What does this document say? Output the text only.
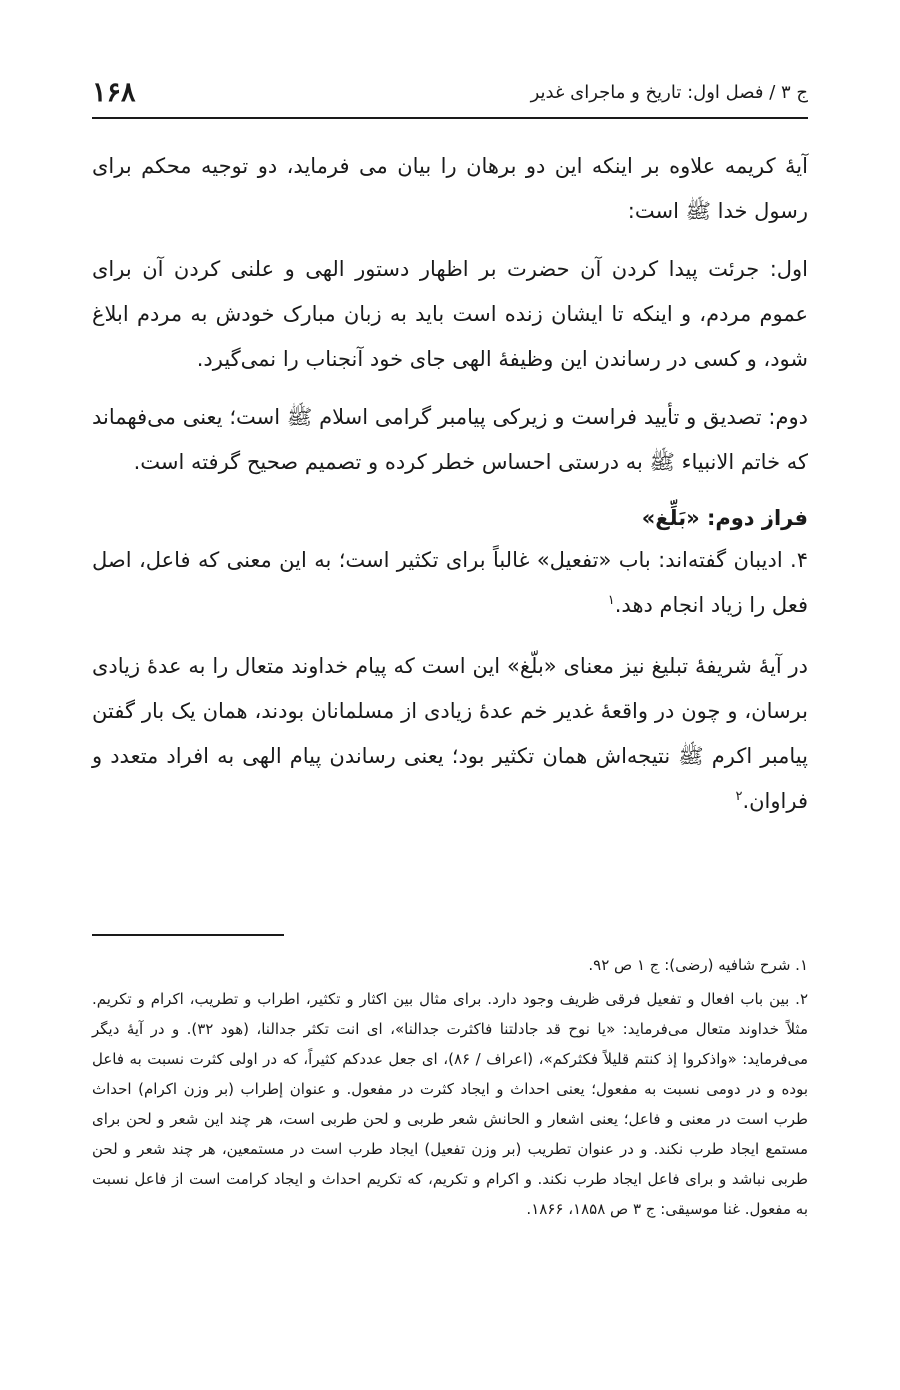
ج ۳ / فصل اول: تاریخ و ماجرای غدیر
۱۶۸

آیۀ کریمه علاوه بر اینکه این دو برهان را بیان می فرماید، دو توجیه محکم برای رسول خدا ﷺ است:

اول: جرئت پیدا کردن آن حضرت بر اظهار دستور الهی و علنی کردن آن برای عموم مردم، و اینکه تا ایشان زنده است باید به زبان مبارک خودش به مردم ابلاغ شود، و کسی در رساندن این وظیفۀ الهی جای خود آنجناب را نمی‌گیرد.

دوم: تصدیق و تأیید فراست و زیرکی پیامبر گرامی اسلام ﷺ است؛ یعنی می‌فهماند که خاتم الانبیاء ﷺ به درستی احساس خطر کرده و تصمیم صحیح گرفته است.

فراز دوم: «بَلِّغ»

۴. ادیبان گفته‌اند: باب «تفعیل» غالباً برای تکثیر است؛ به این معنی که فاعل، اصل فعل را زیاد انجام دهد.$^۱$

در آیۀ شریفۀ تبلیغ نیز معنای «بلّغ» این است که پیام خداوند متعال را به عدۀ زیادی برسان، و چون در واقعۀ غدیر خم عدۀ زیادی از مسلمانان بودند، همان یک بار گفتن پیامبر اکرم ﷺ نتیجه‌اش همان تکثیر بود؛ یعنی رساندن پیام الهی به افراد متعدد و فراوان.$^۲$

۱. شرح شافیه (رضی): ج ۱ ص ۹۲.

۲. بین باب افعال و تفعیل فرقی ظریف وجود دارد. برای مثال بین اکثار و تکثیر، اطراب و تطریب، اکرام و تکریم. مثلاً خداوند متعال می‌فرماید: «یا نوح قد جادلتنا فاکثرت جدالنا»، ای انت تکثر جدالنا، (هود ۳۲). و در آیۀ دیگر می‌فرماید: «واذکروا إذ کنتم قلیلاً فکثرکم»، (اعراف / ۸۶)، ای جعل عددکم کثیراً، که در اولی کثرت نسبت به فاعل بوده و در دومی نسبت به مفعول؛ یعنی احداث و ایجاد کثرت در مفعول. و عنوان إطراب (بر وزن اکرام) احداث طرب است در معنی و فاعل؛ یعنی اشعار و الحانش شعر طربی و لحن طربی است، هر چند این شعر و لحن برای مستمع ایجاد طرب نکند. و در عنوان تطریب (بر وزن تفعیل) ایجاد طرب است در مستمعین، هر چند شعر و لحن طربی نباشد و برای فاعل ایجاد طرب نکند. و اکرام و تکریم، که تکریم احداث و ایجاد کرامت است از فاعل نسبت به مفعول. غنا موسیقی: ج ۳ ص ۱۸۵۸، ۱۸۶۶.
